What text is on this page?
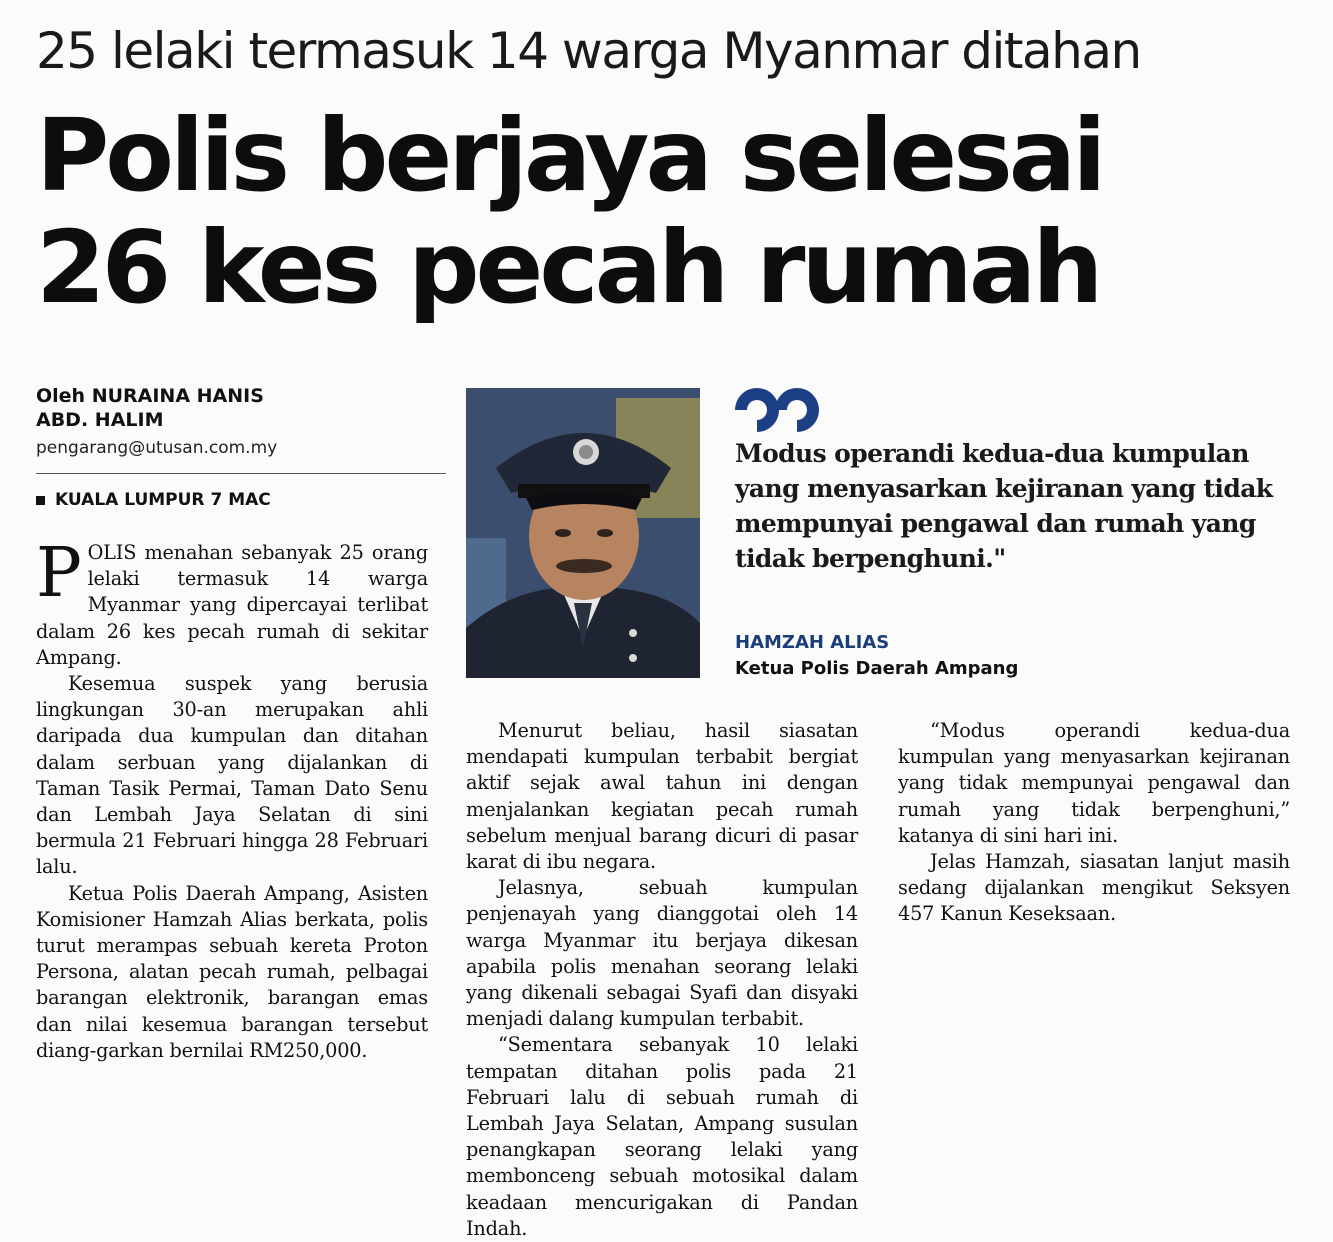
25 lelaki termasuk 14 warga Myanmar ditahan
Polis berjaya selesai
26 kes pecah rumah
Oleh NURAINA HANIS
ABD. HALIM
pengarang@utusan.com.my
KUALA LUMPUR 7 MAC

POLIS menahan sebanyak 25 orang lelaki termasuk 14 warga Myanmar yang dipercayai terlibat dalam 26 kes pecah rumah di sekitar Ampang.

Kesemua suspek yang berusia lingkungan 30-an merupakan ahli daripada dua kumpulan dan ditahan dalam serbuan yang dijalankan di Taman Tasik Permai, Taman Dato Senu dan Lembah Jaya Selatan di sini bermula 21 Februari hingga 28 Februari lalu.

Ketua Polis Daerah Ampang, Asisten Komisioner Hamzah Alias berkata, polis turut merampas sebuah kereta Proton Persona, alatan pecah rumah, pelbagai barangan elektronik, barangan emas dan nilai kesemua barangan tersebut diang-garkan bernilai RM250,000.

Modus operandi kedua-dua kumpulan yang menyasarkan kejiranan yang tidak mempunyai pengawal dan rumah yang tidak berpenghuni."
HAMZAH ALIAS
Ketua Polis Daerah Ampang

Menurut beliau, hasil siasatan mendapati kumpulan terbabit bergiat aktif sejak awal tahun ini dengan menjalankan kegiatan pecah rumah sebelum menjual barang dicuri di pasar karat di ibu negara.

Jelasnya, sebuah kumpulan penjenayah yang dianggotai oleh 14 warga Myanmar itu berjaya dikesan apabila polis menahan seorang lelaki yang dikenali sebagai Syafi dan disyaki menjadi dalang kumpulan terbabit.

“Sementara sebanyak 10 lelaki tempatan ditahan polis pada 21 Februari lalu di sebuah rumah di Lembah Jaya Selatan, Ampang susulan penangkapan seorang lelaki yang membonceng sebuah motosikal dalam keadaan mencurigakan di Pandan Indah.

“Modus operandi kedua-dua kumpulan yang menyasarkan kejiranan yang tidak mempunyai pengawal dan rumah yang tidak berpenghuni,” katanya di sini hari ini.

Jelas Hamzah, siasatan lanjut masih sedang dijalankan mengikut Seksyen 457 Kanun Keseksaan.
